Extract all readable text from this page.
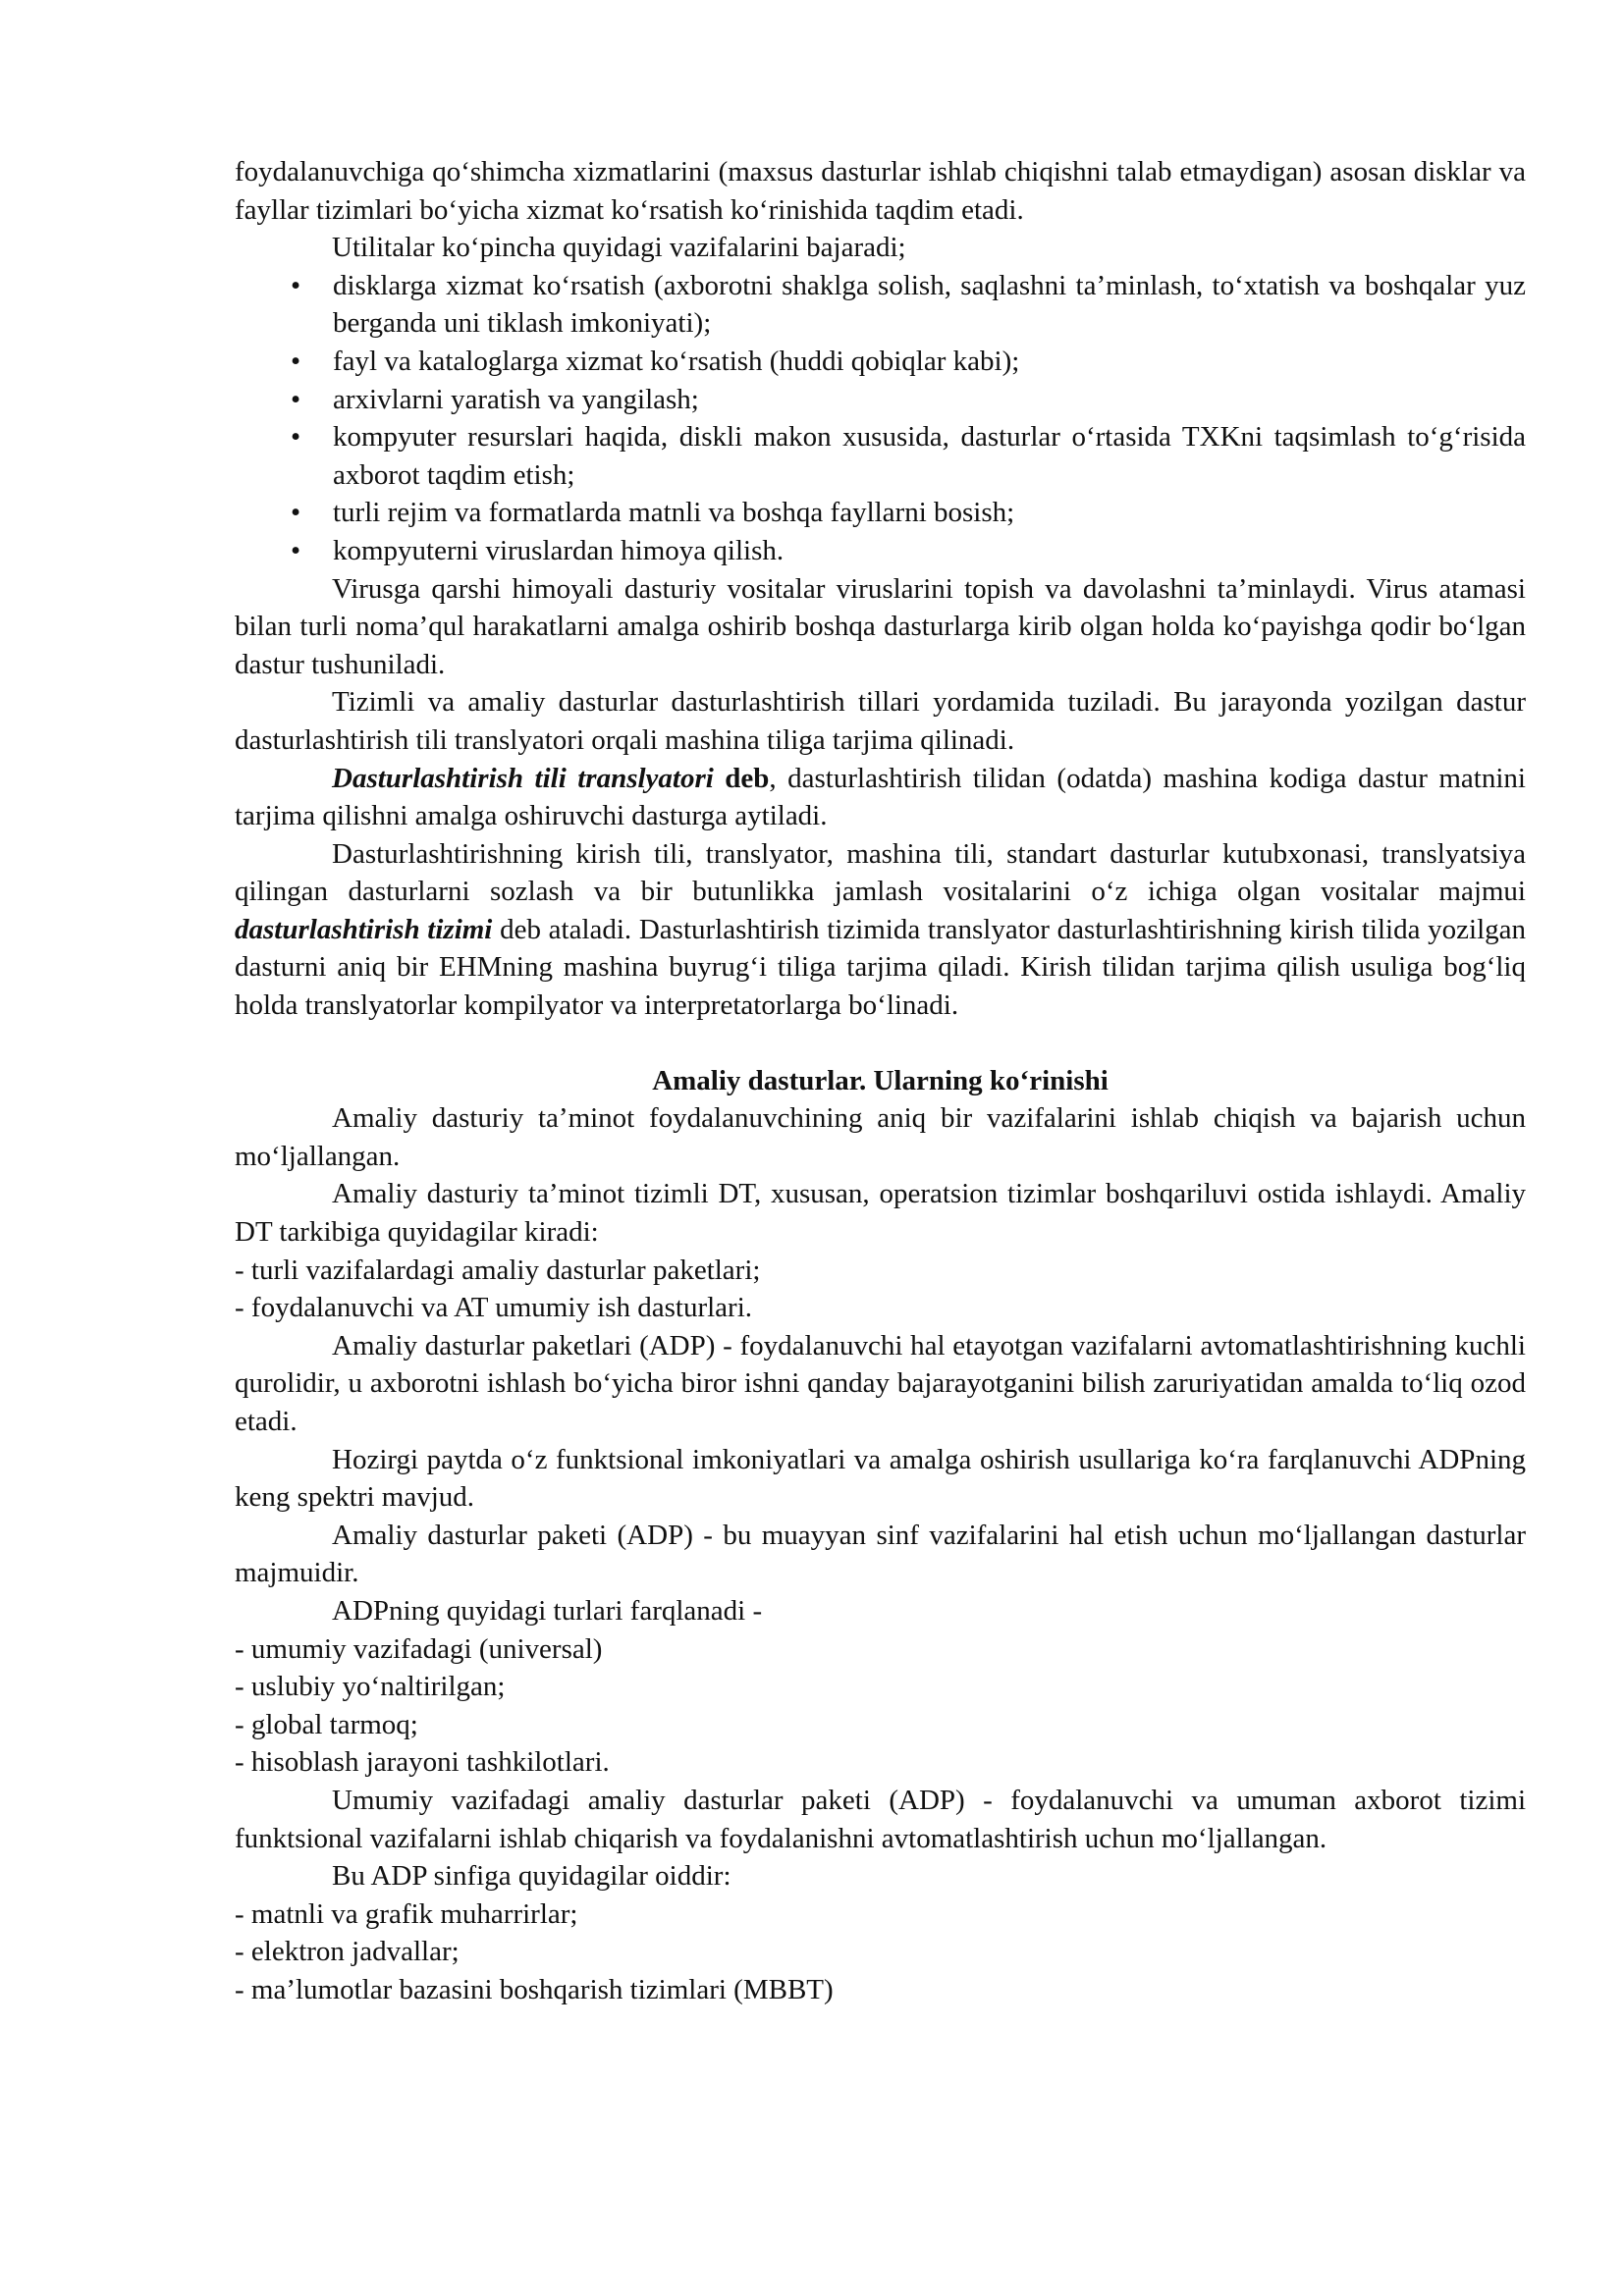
foydalanuvchiga qo‘shimcha xizmatlarini (maxsus dasturlar ishlab chiqishni talab etmaydigan) asosan disklar va fayllar tizimlari bo‘yicha xizmat ko‘rsatish ko‘rinishida taqdim etadi.

Utilitalar ko‘pincha quyidagi vazifalarini bajaradi;

•	disklarga xizmat ko‘rsatish (axborotni shaklga solish, saqlashni ta’minlash, to‘xtatish va boshqalar yuz berganda uni tiklash imkoniyati);
•	fayl va kataloglarga xizmat ko‘rsatish (huddi qobiqlar kabi);
•	arxivlarni yaratish va yangilash;
•	kompyuter resurslari haqida, diskli makon xususida, dasturlar o‘rtasida TXKni taqsimlash to‘g‘risida axborot taqdim etish;
•	turli rejim va formatlarda matnli va boshqa fayllarni bosish;
•	kompyuterni viruslardan himoya qilish.

Virusga qarshi himoyali dasturiy vositalar viruslarini topish va davolashni ta’minlaydi. Virus atamasi bilan turli noma’qul harakatlarni amalga oshirib boshqa dasturlarga kirib olgan holda ko‘payishga qodir bo‘lgan dastur tushuniladi.

Tizimli va amaliy dasturlar dasturlashtirish tillari yordamida tuziladi. Bu jarayonda yozilgan dastur dasturlashtirish tili translyatori orqali mashina tiliga tarjima qilinadi.

Dasturlashtirish tili translyatori deb, dasturlashtirish tilidan (odatda) mashina kodiga dastur matnini tarjima qilishni amalga oshiruvchi dasturga aytiladi.

Dasturlashtirishning kirish tili, translyator, mashina tili, standart dasturlar kutubxonasi, translyatsiya qilingan dasturlarni sozlash va bir butunlikka jamlash vositalarini o‘z ichiga olgan vositalar majmui dasturlashtirish tizimi deb ataladi. Dasturlashtirish tizimida translyator dasturlashtirishning kirish tilida yozilgan dasturni aniq bir EHMning mashina buyrug‘i tiliga tarjima qiladi. Kirish tilidan tarjima qilish usuliga bog‘liq holda translyatorlar kompilyator va interpretatorlarga bo‘linadi.

Amaliy dasturlar. Ularning ko‘rinishi

Amaliy dasturiy ta’minot foydalanuvchining aniq bir vazifalarini ishlab chiqish va bajarish uchun mo‘ljallangan.

Amaliy dasturiy ta’minot tizimli DT, xususan, operatsion tizimlar boshqariluvi ostida ishlaydi. Amaliy DT tarkibiga quyidagilar kiradi:

- turli vazifalardagi amaliy dasturlar paketlari;

- foydalanuvchi va AT umumiy ish dasturlari.

Amaliy dasturlar paketlari (ADP) - foydalanuvchi hal etayotgan vazifalarni avtomatlashtirishning kuchli qurolidir, u axborotni ishlash bo‘yicha biror ishni qanday bajarayotganini bilish zaruriyatidan amalda to‘liq ozod etadi.

Hozirgi paytda o‘z funktsional imkoniyatlari va amalga oshirish usullariga ko‘ra farqlanuvchi ADPning keng spektri mavjud.

Amaliy dasturlar paketi (ADP) - bu muayyan sinf vazifalarini hal etish uchun mo‘ljallangan dasturlar majmuidir.

ADPning quyidagi turlari farqlanadi -

- umumiy vazifadagi (universal)

- uslubiy yo‘naltirilgan;

- global tarmoq;

- hisoblash jarayoni tashkilotlari.

Umumiy vazifadagi amaliy dasturlar paketi (ADP) - foydalanuvchi va umuman axborot tizimi funktsional vazifalarni ishlab chiqarish va foydalanishni avtomatlashtirish uchun mo‘ljallangan.

Bu ADP sinfiga quyidagilar oiddir:

- matnli va grafik muharrirlar;

- elektron jadvallar;

- ma’lumotlar bazasini boshqarish tizimlari (MBBT)
